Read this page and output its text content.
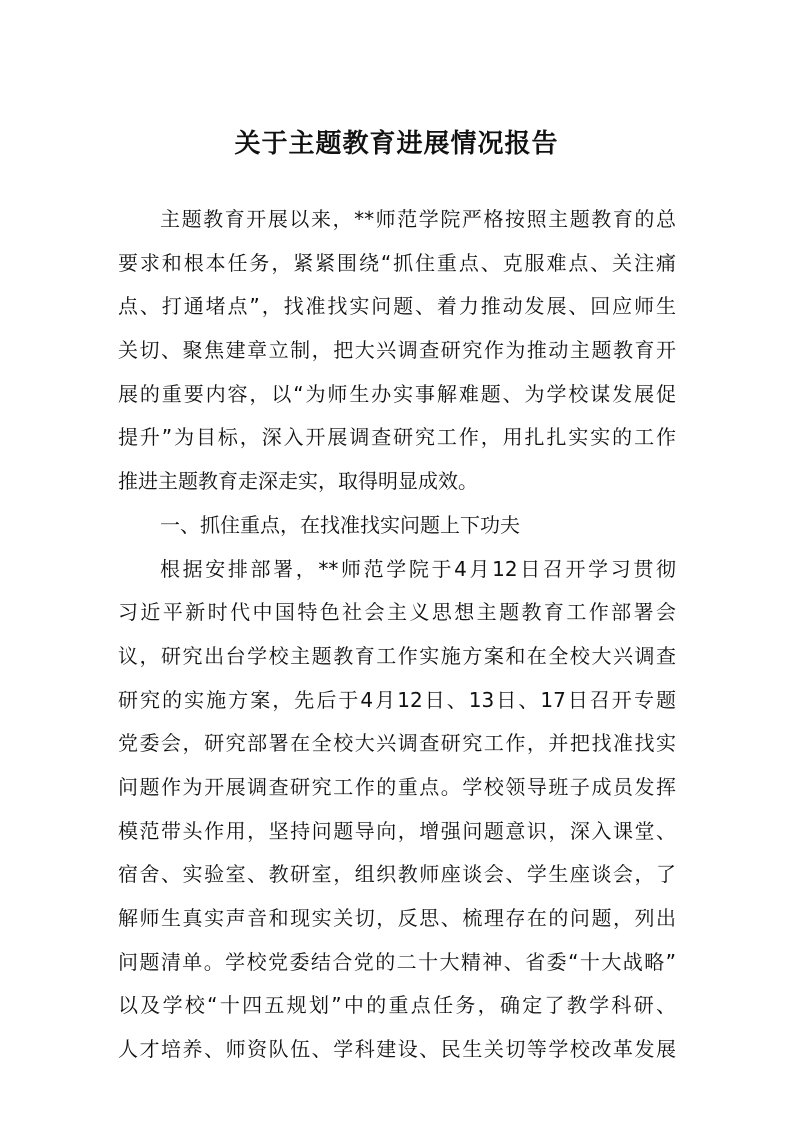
关于主题教育进展情况报告
主题教育开展以来，**师范学院严格按照主题教育的总
要求和根本任务，紧紧围绕“抓住重点、克服难点、关注痛
点、打通堵点”，找准找实问题、着力推动发展、回应师生
关切、聚焦建章立制，把大兴调查研究作为推动主题教育开
展的重要内容，以“为师生办实事解难题、为学校谋发展促
提升”为目标，深入开展调查研究工作，用扎扎实实的工作
推进主题教育走深走实，取得明显成效。
一、抓住重点，在找准找实问题上下功夫
根据安排部署，**师范学院于4月12日召开学习贯彻
习近平新时代中国特色社会主义思想主题教育工作部署会
议，研究出台学校主题教育工作实施方案和在全校大兴调查
研究的实施方案，先后于4月12日、13日、17日召开专题
党委会，研究部署在全校大兴调查研究工作，并把找准找实
问题作为开展调查研究工作的重点。学校领导班子成员发挥
模范带头作用，坚持问题导向，增强问题意识，深入课堂、
宿舍、实验室、教研室，组织教师座谈会、学生座谈会，了
解师生真实声音和现实关切，反思、梳理存在的问题，列出
问题清单。学校党委结合党的二十大精神、省委“十大战略”
以及学校“十四五规划”中的重点任务，确定了教学科研、
人才培养、师资队伍、学科建设、民生关切等学校改革发展
